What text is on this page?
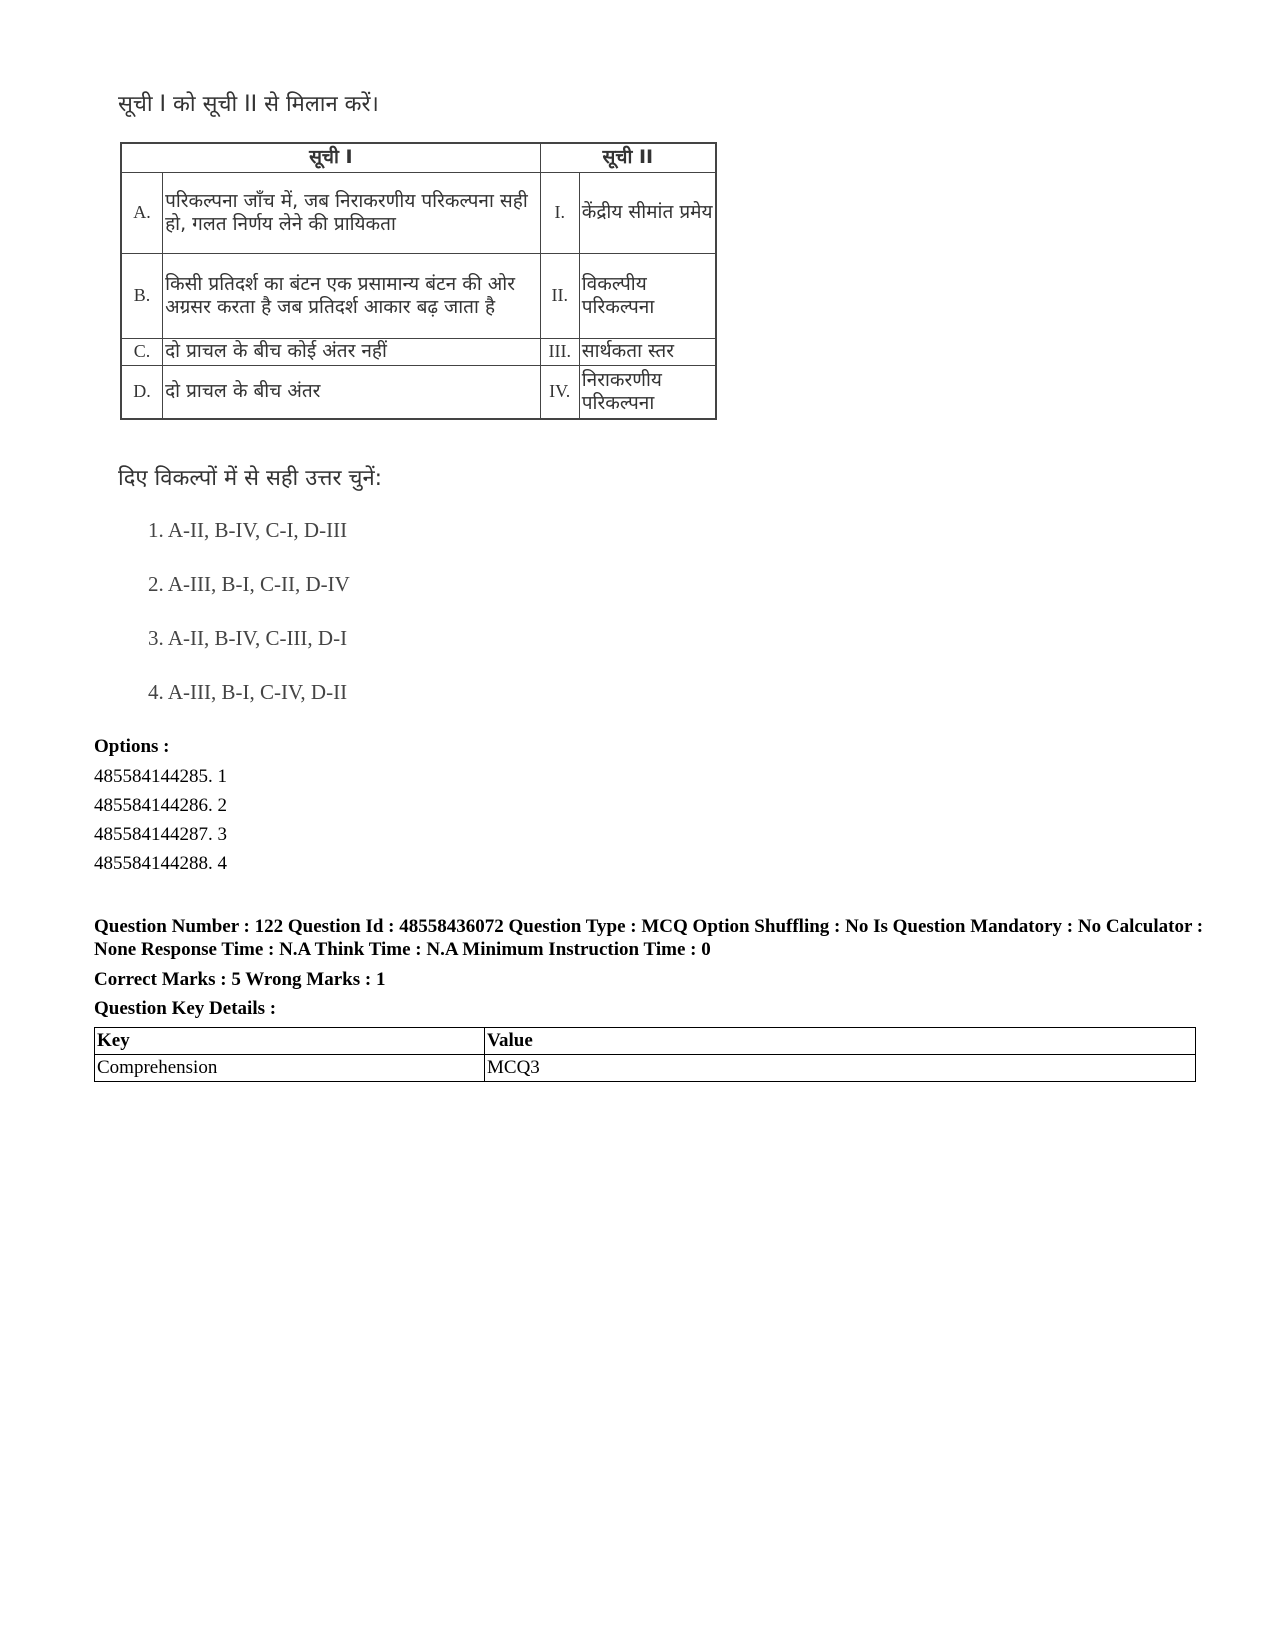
सूची I को सूची II से मिलान करें।
सूची I		सूची II	
A.	परिकल्पना जाँच में, जब निराकरणीय परिकल्पना सही हो, गलत निर्णय लेने की प्रायिकता	I.	केंद्रीय सीमांत प्रमेय
B.	किसी प्रतिदर्श का बंटन एक प्रसामान्य बंटन की ओर अग्रसर करता है जब प्रतिदर्श आकार बढ़ जाता है	II.	विकल्पीय परिकल्पना
C.	दो प्राचल के बीच कोई अंतर नहीं	III.	सार्थकता स्तर
D.	दो प्राचल के बीच अंतर	IV.	निराकरणीय परिकल्पना
दिए विकल्पों में से सही उत्तर चुनें:
1. A-II, B-IV, C-I, D-III
2. A-III, B-I, C-II, D-IV
3. A-II, B-IV, C-III, D-I
4. A-III, B-I, C-IV, D-II
Options :
485584144285. 1
485584144286. 2
485584144287. 3
485584144288. 4
Question Number : 122 Question Id : 48558436072 Question Type : MCQ Option Shuffling : No Is Question Mandatory : No Calculator : None Response Time : N.A Think Time : N.A Minimum Instruction Time : 0
Correct Marks : 5 Wrong Marks : 1
Question Key Details :
Key	Value
Comprehension	MCQ3
